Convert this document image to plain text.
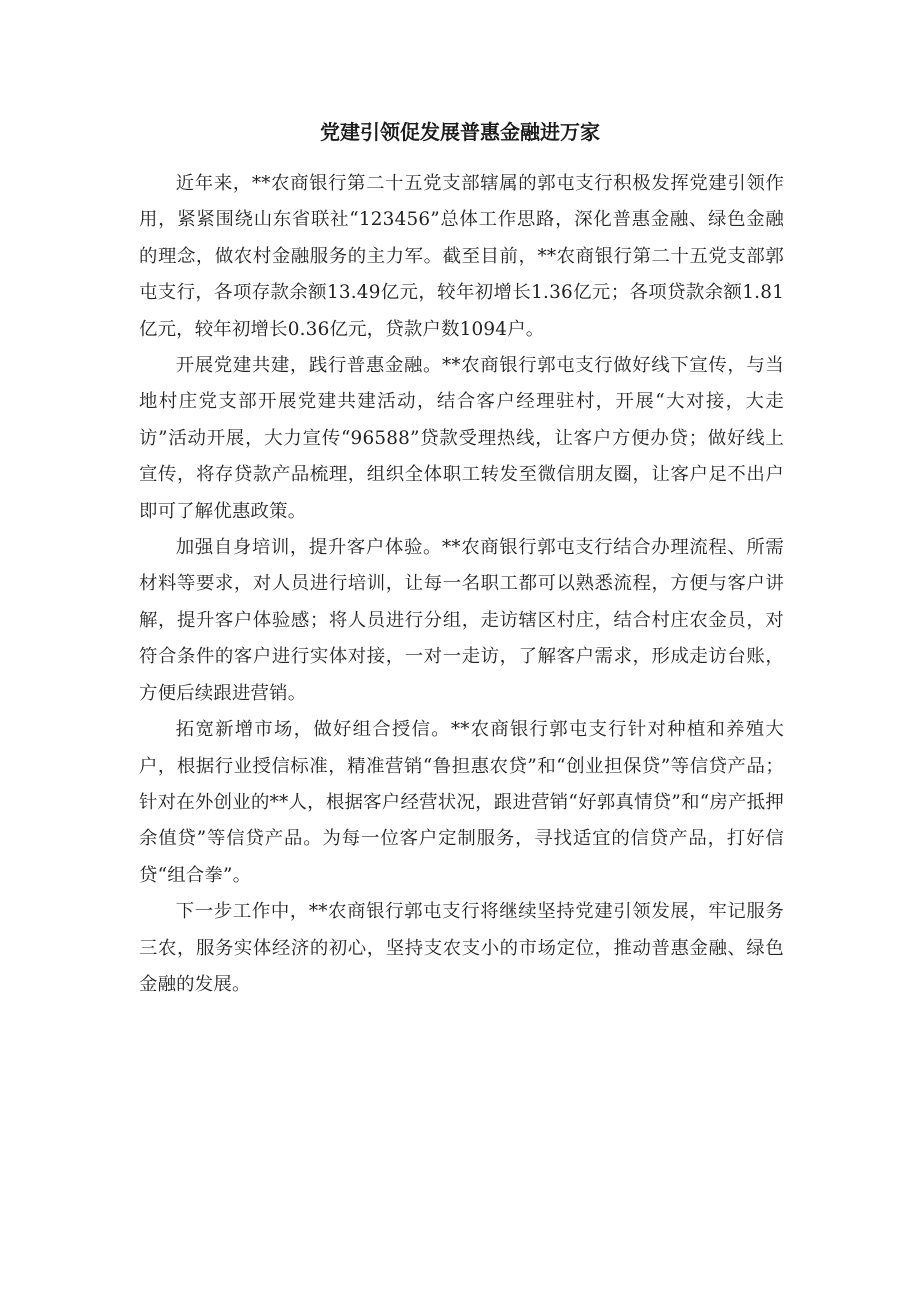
党建引领促发展普惠金融进万家

近年来，**农商银行第二十五党支部辖属的郭屯支行积极发挥党建引领作用，紧紧围绕山东省联社“123456”总体工作思路，深化普惠金融、绿色金融的理念，做农村金融服务的主力军。截至目前，**农商银行第二十五党支部郭屯支行，各项存款余额13.49亿元，较年初增长1.36亿元；各项贷款余额1.81亿元，较年初增长0.36亿元，贷款户数1094户。

开展党建共建，践行普惠金融。**农商银行郭屯支行做好线下宣传，与当地村庄党支部开展党建共建活动，结合客户经理驻村，开展“大对接，大走访”活动开展，大力宣传“96588”贷款受理热线，让客户方便办贷；做好线上宣传，将存贷款产品梳理，组织全体职工转发至微信朋友圈，让客户足不出户即可了解优惠政策。

加强自身培训，提升客户体验。**农商银行郭屯支行结合办理流程、所需材料等要求，对人员进行培训，让每一名职工都可以熟悉流程，方便与客户讲解，提升客户体验感；将人员进行分组，走访辖区村庄，结合村庄农金员，对符合条件的客户进行实体对接，一对一走访，了解客户需求，形成走访台账，方便后续跟进营销。

拓宽新增市场，做好组合授信。**农商银行郭屯支行针对种植和养殖大户，根据行业授信标准，精准营销“鲁担惠农贷”和“创业担保贷”等信贷产品；针对在外创业的**人，根据客户经营状况，跟进营销“好郭真情贷”和“房产抵押余值贷”等信贷产品。为每一位客户定制服务，寻找适宜的信贷产品，打好信贷“组合拳”。

下一步工作中，**农商银行郭屯支行将继续坚持党建引领发展，牢记服务三农，服务实体经济的初心，坚持支农支小的市场定位，推动普惠金融、绿色金融的发展。
